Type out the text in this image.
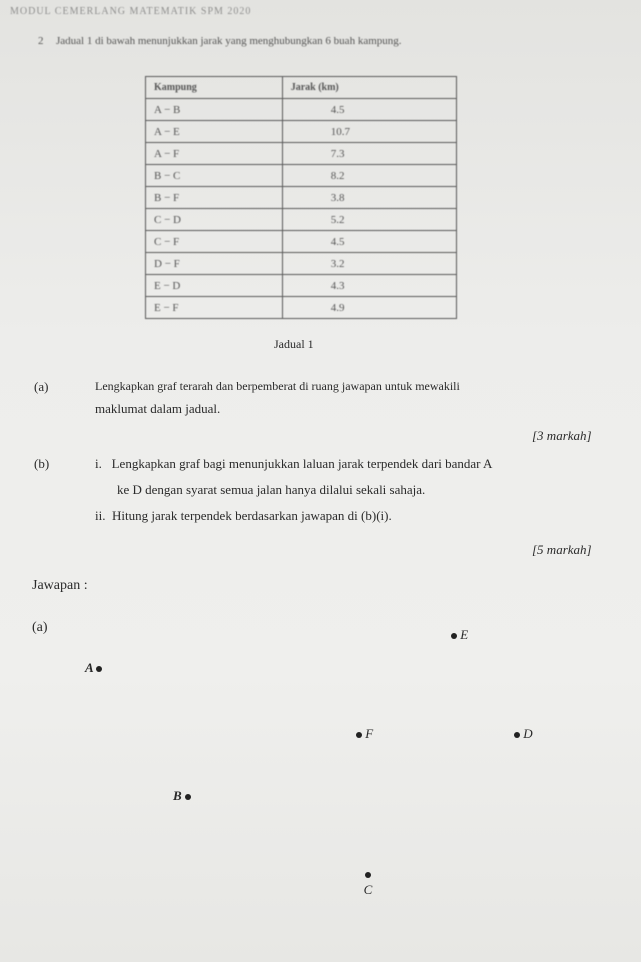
MODUL CEMERLANG MATEMATIK SPM 2020
2 Jadual 1 di bawah menunjukkan jarak yang menghubungkan 6 buah kampung.
Kampung	Jarak (km)
A − B	4.5
A − E	10.7
A − F	7.3
B − C	8.2
B − F	3.8
C − D	5.2
C − F	4.5
D − F	3.2
E − D	4.3
E − F	4.9
Jadual 1
(a)	Lengkapkan graf terarah dan berpemberat di ruang jawapan untuk mewakili
maklumat dalam jadual.
[3 markah]
(b)	i.   Lengkapkan graf bagi menunjukkan laluan jarak terpendek dari bandar A
ke D dengan syarat semua jalan hanya dilalui sekali sahaja.
ii.  Hitung jarak terpendek berdasarkan jawapan di (b)(i).
[5 markah]
Jawapan :
(a)	E
A
F	D
B
C
